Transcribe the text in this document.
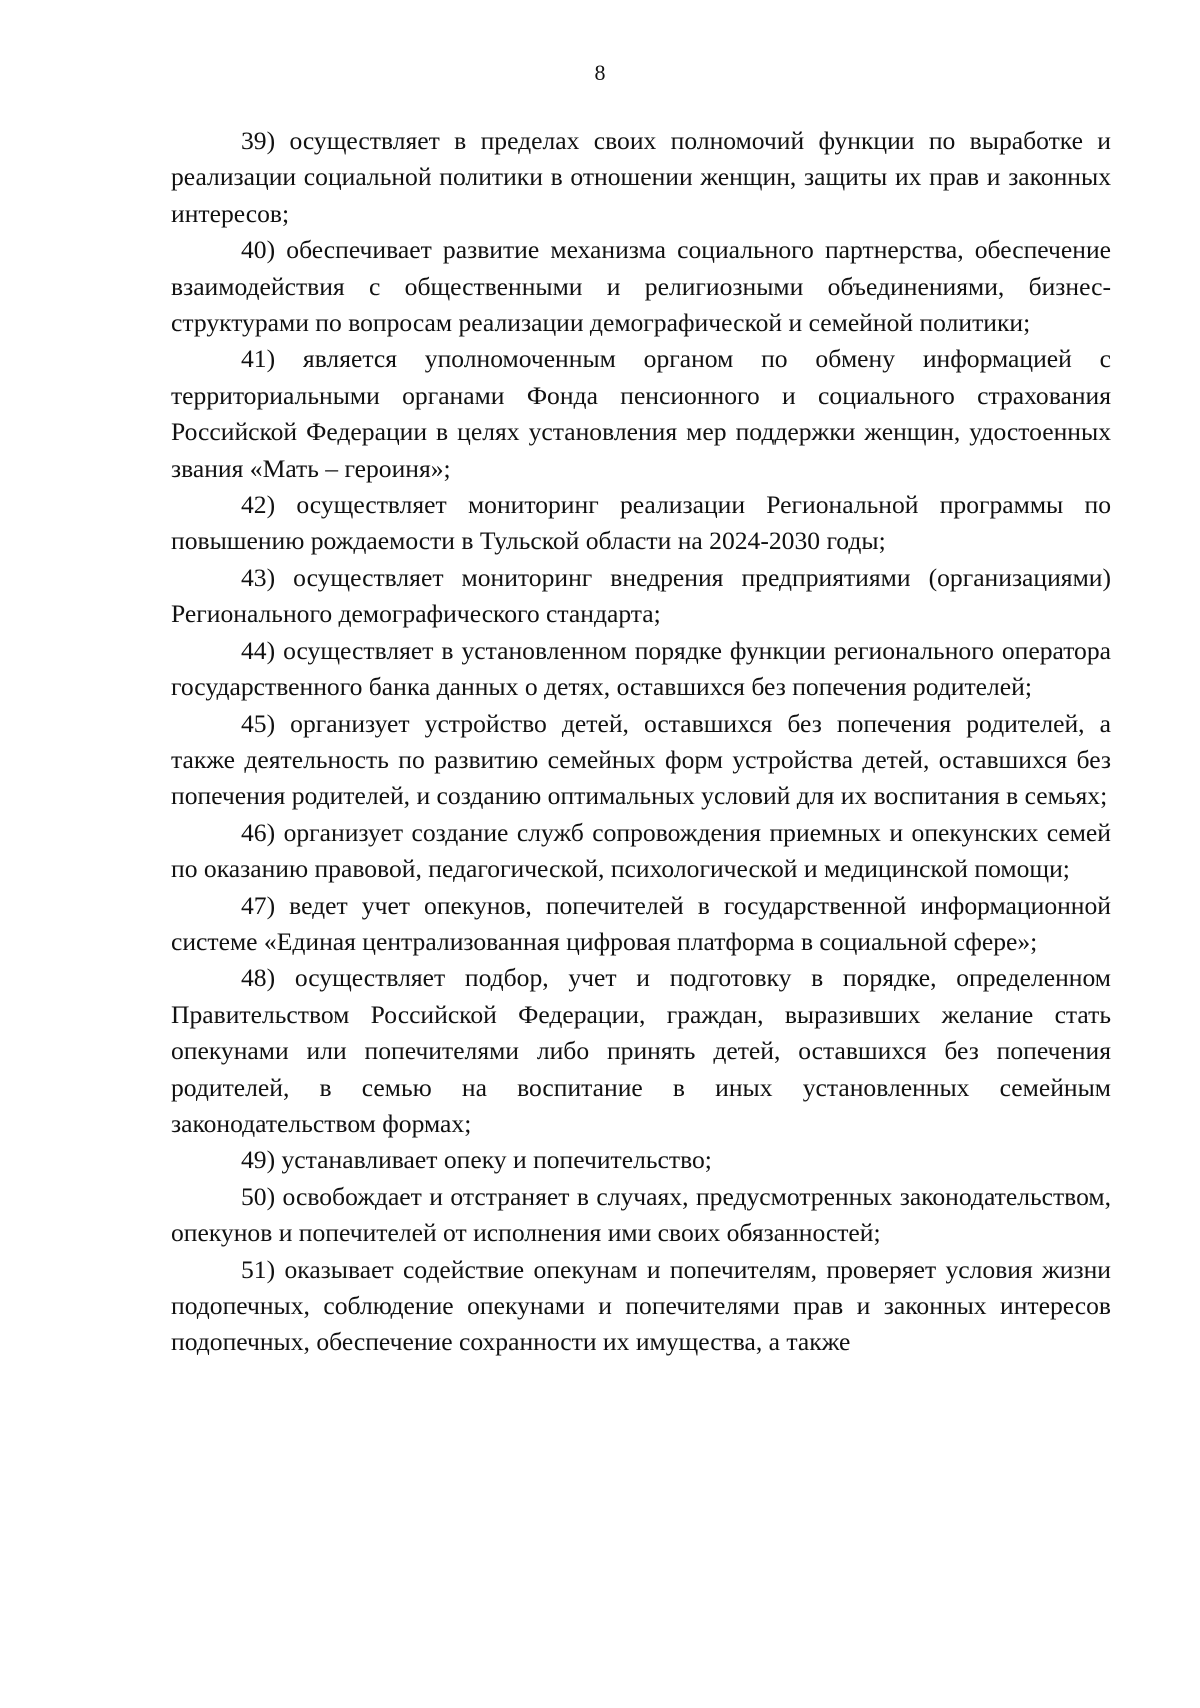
8

39) осуществляет в пределах своих полномочий функции по выработке и реализации социальной политики в отношении женщин, защиты их прав и законных интересов;

40) обеспечивает развитие механизма социального партнерства, обеспечение взаимодействия с общественными и религиозными объединениями, бизнес-структурами по вопросам реализации демографической и семейной политики;

41) является уполномоченным органом по обмену информацией с территориальными органами Фонда пенсионного и социального страхования Российской Федерации в целях установления мер поддержки женщин, удостоенных звания «Мать – героиня»;

42) осуществляет мониторинг реализации Региональной программы по повышению рождаемости в Тульской области на 2024-2030 годы;

43) осуществляет мониторинг внедрения предприятиями (организациями) Регионального демографического стандарта;

44) осуществляет в установленном порядке функции регионального оператора государственного банка данных о детях, оставшихся без попечения родителей;

45) организует устройство детей, оставшихся без попечения родителей, а также деятельность по развитию семейных форм устройства детей, оставшихся без попечения родителей, и созданию оптимальных условий для их воспитания в семьях;

46) организует создание служб сопровождения приемных и опекунских семей по оказанию правовой, педагогической, психологической и медицинской помощи;

47) ведет учет опекунов, попечителей в государственной информационной системе «Единая централизованная цифровая платформа в социальной сфере»;

48) осуществляет подбор, учет и подготовку в порядке, определенном Правительством Российской Федерации, граждан, выразивших желание стать опекунами или попечителями либо принять детей, оставшихся без попечения родителей, в семью на воспитание в иных установленных семейным законодательством формах;

49) устанавливает опеку и попечительство;

50) освобождает и отстраняет в случаях, предусмотренных законодательством, опекунов и попечителей от исполнения ими своих обязанностей;

51) оказывает содействие опекунам и попечителям, проверяет условия жизни подопечных, соблюдение опекунами и попечителями прав и законных интересов подопечных, обеспечение сохранности их имущества, а также
